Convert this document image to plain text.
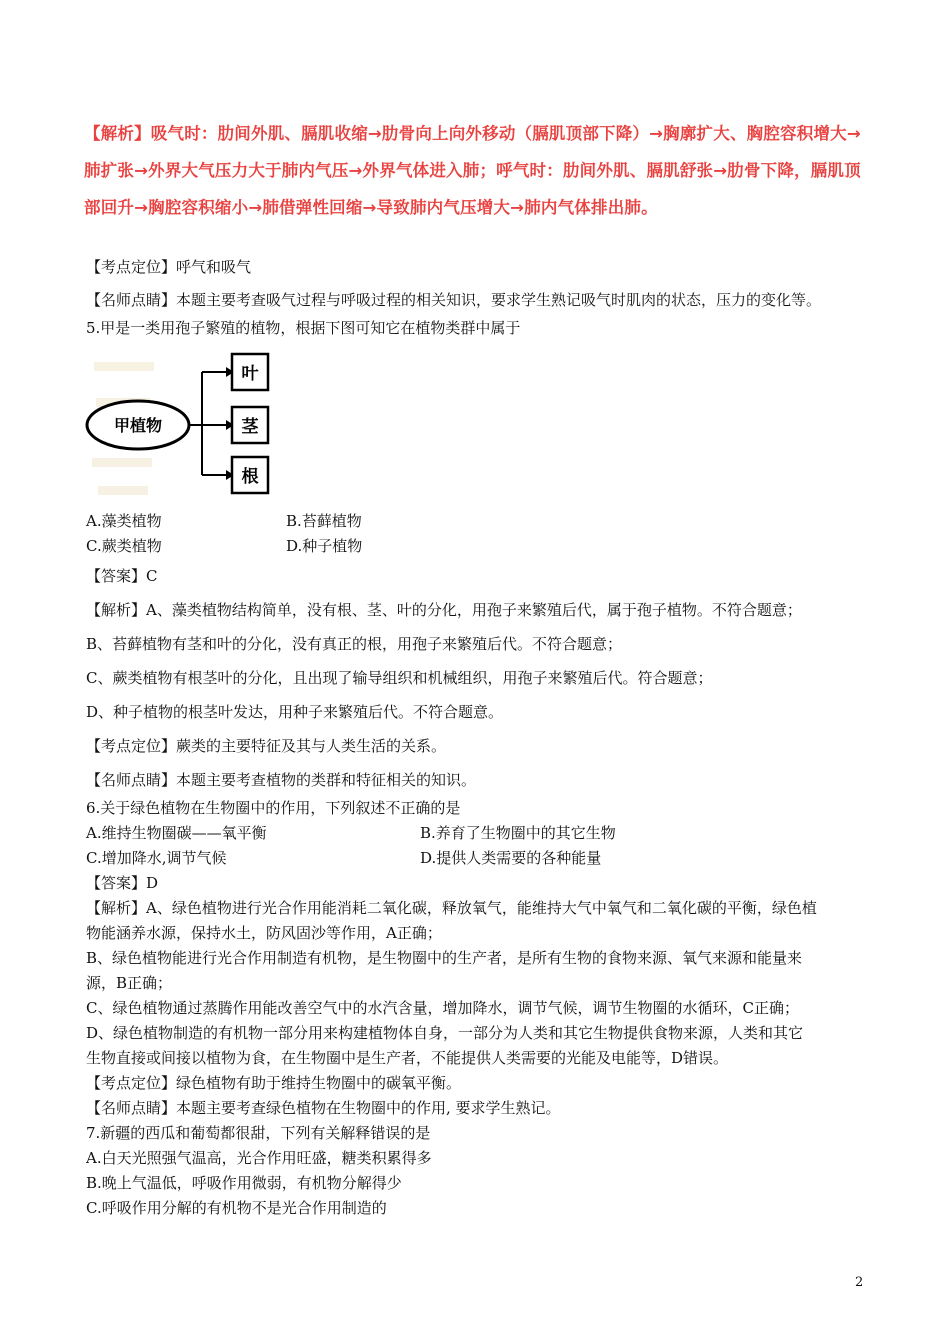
【解析】吸气时：肋间外肌、膈肌收缩→肋骨向上向外移动（膈肌顶部下降）→胸廓扩大、胸腔容积增大→肺扩张→外界大气压力大于肺内气压→外界气体进入肺；呼气时：肋间外肌、膈肌舒张→肋骨下降，膈肌顶部回升→胸腔容积缩小→肺借弹性回缩→导致肺内气压增大→肺内气体排出肺。
【考点定位】呼气和吸气
【名师点睛】本题主要考查吸气过程与呼吸过程的相关知识，要求学生熟记吸气时肌肉的状态，压力的变化等。
5.甲是一类用孢子繁殖的植物，根据下图可知它在植物类群中属于
甲植物
叶
茎
根
A.藻类植物	B.苔藓植物
C.蕨类植物	D.种子植物
【答案】C
【解析】A、藻类植物结构简单，没有根、茎、叶的分化，用孢子来繁殖后代，属于孢子植物。不符合题意；
B、苔藓植物有茎和叶的分化，没有真正的根，用孢子来繁殖后代。不符合题意；
C、蕨类植物有根茎叶的分化，且出现了输导组织和机械组织，用孢子来繁殖后代。符合题意；
D、种子植物的根茎叶发达，用种子来繁殖后代。不符合题意。
【考点定位】蕨类的主要特征及其与人类生活的关系。
【名师点睛】本题主要考查植物的类群和特征相关的知识。
6.关于绿色植物在生物圈中的作用，下列叙述不正确的是
A.维持生物圈碳——氧平衡	B.养育了生物圈中的其它生物
C.增加降水,调节气候	D.提供人类需要的各种能量
【答案】D
【解析】A、绿色植物进行光合作用能消耗二氧化碳，释放氧气，能维持大气中氧气和二氧化碳的平衡，绿色植
物能涵养水源，保持水土，防风固沙等作用，A正确；
B、绿色植物能进行光合作用制造有机物，是生物圈中的生产者，是所有生物的食物来源、氧气来源和能量来
源，B正确；
C、绿色植物通过蒸腾作用能改善空气中的水汽含量，增加降水，调节气候，调节生物圈的水循环，C正确；
D、绿色植物制造的有机物一部分用来构建植物体自身，一部分为人类和其它生物提供食物来源，人类和其它
生物直接或间接以植物为食，在生物圈中是生产者，不能提供人类需要的光能及电能等，D错误。
【考点定位】绿色植物有助于维持生物圈中的碳氧平衡。
【名师点睛】本题主要考查绿色植物在生物圈中的作用, 要求学生熟记。
7.新疆的西瓜和葡萄都很甜，下列有关解释错误的是
A.白天光照强气温高，光合作用旺盛，糖类积累得多
B.晚上气温低，呼吸作用微弱，有机物分解得少
C.呼吸作用分解的有机物不是光合作用制造的
2
